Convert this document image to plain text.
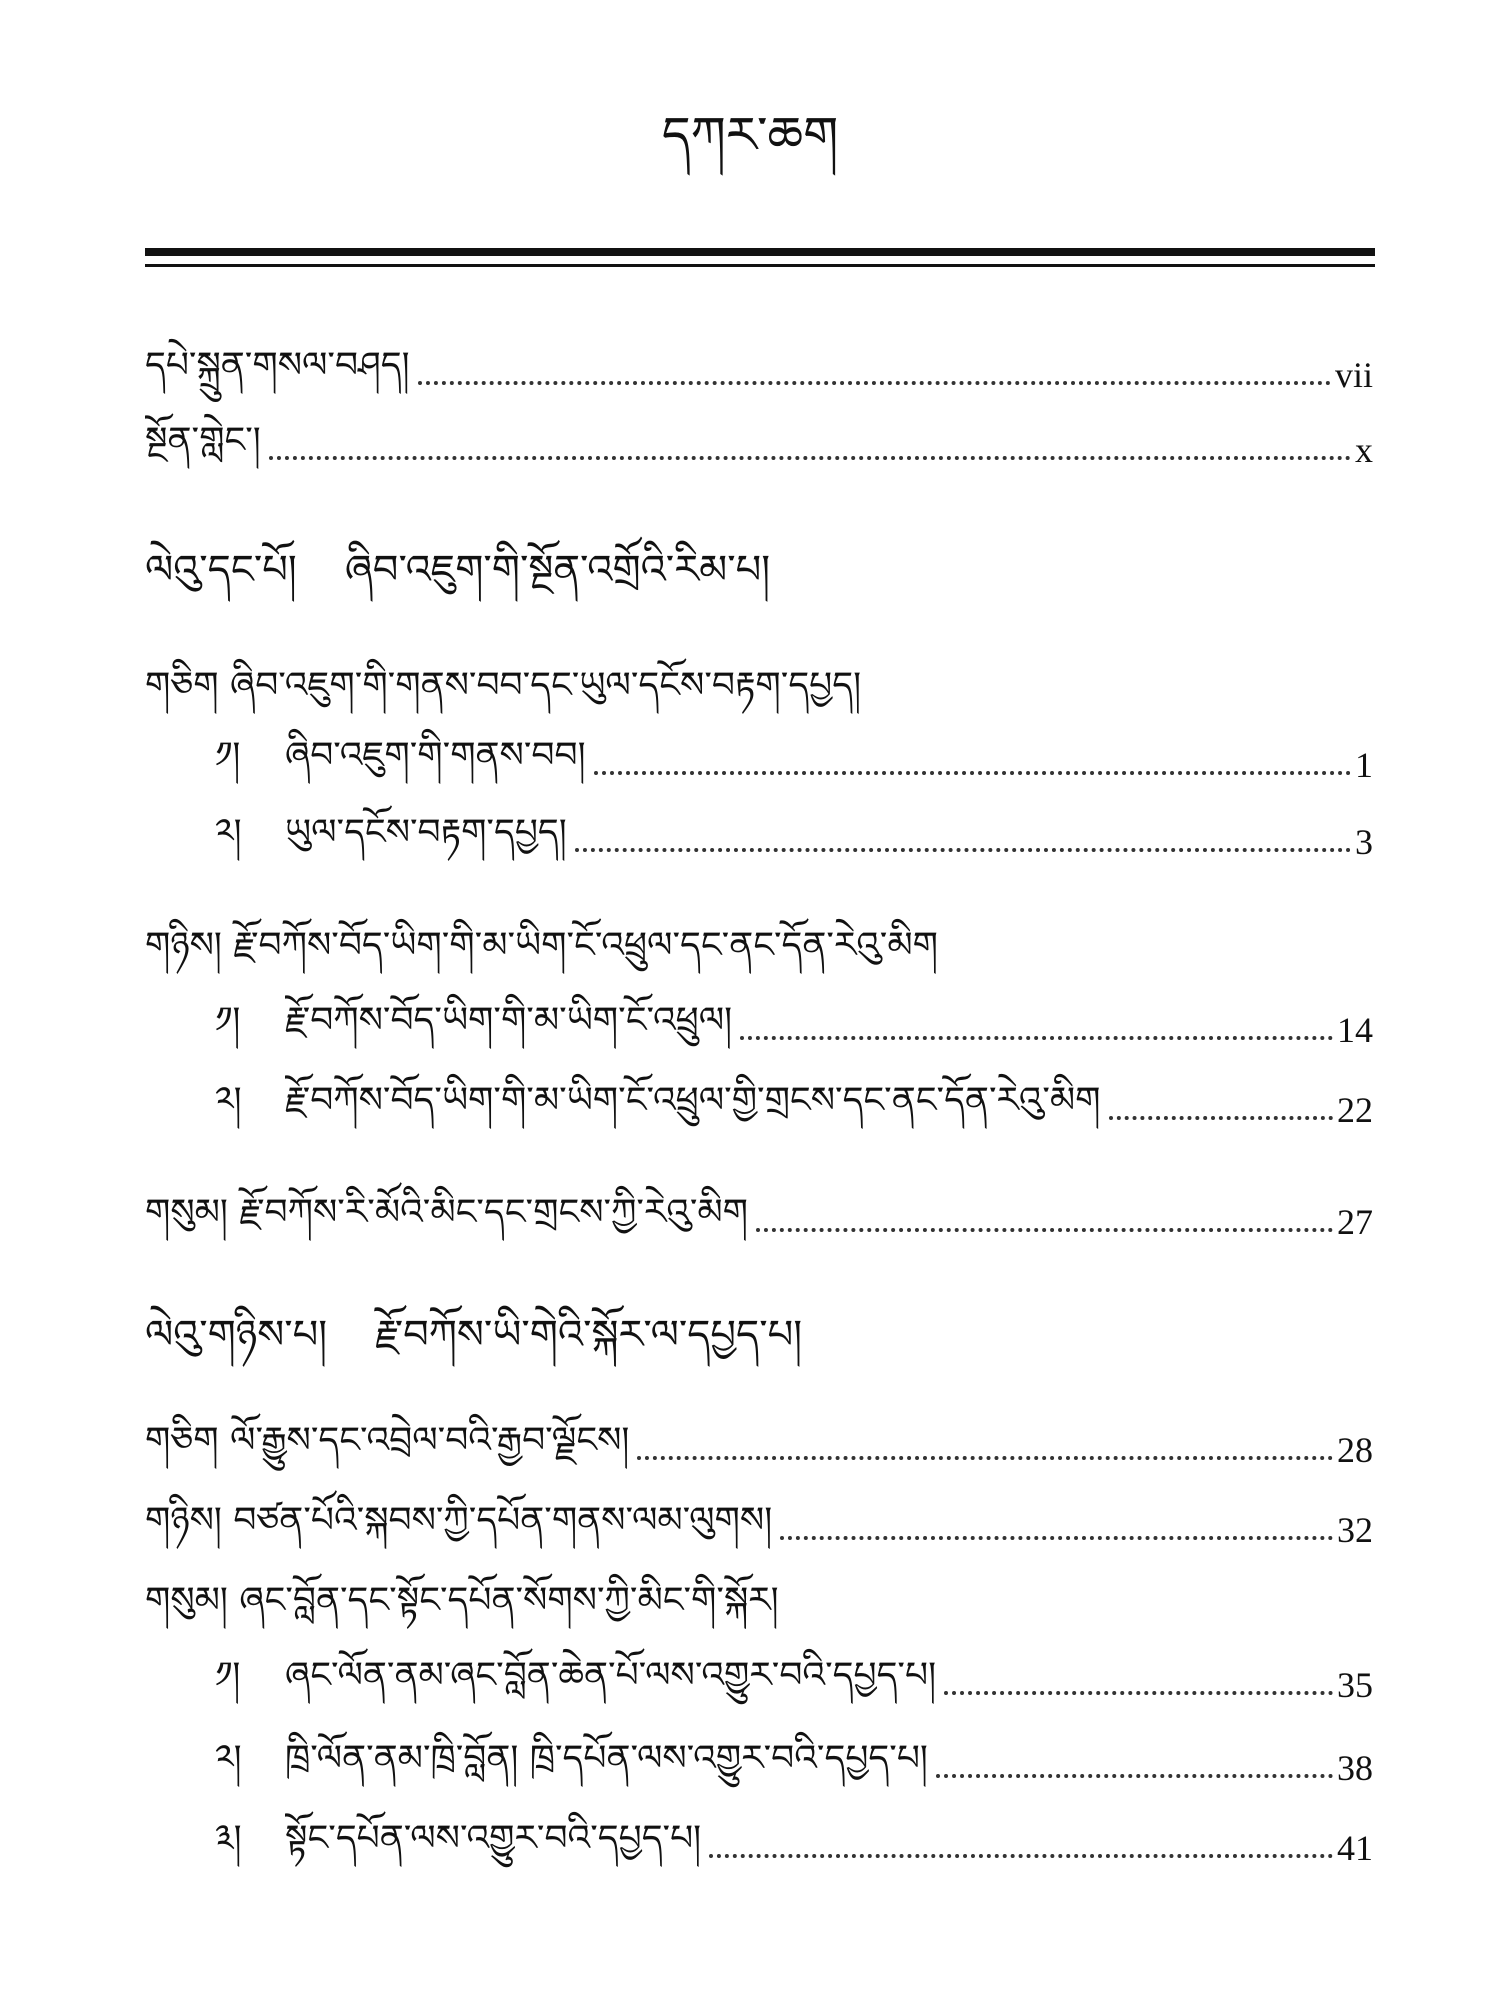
དཀར་ཆག
དཔེ་སྐྲུན་གསལ་བཤད།	vii
སྔོན་གླེང་།	x
ལེའུ་དང་པོ། ཞིབ་འཇུག་གི་སྔོན་འགྲོའི་རིམ་པ།
གཅིག ཞིབ་འཇུག་གི་གནས་བབ་དང་ཡུལ་དངོས་བརྟག་དཔྱད།
༡།	ཞིབ་འཇུག་གི་གནས་བབ།	1
༢།	ཡུལ་དངོས་བརྟག་དཔྱད།	3
གཉིས། རྗོ་བཀོས་བོད་ཡིག་གི་མ་ཡིག་ངོ་འཕྲུལ་དང་ནང་དོན་རེའུ་མིག
༡།	རྗོ་བཀོས་བོད་ཡིག་གི་མ་ཡིག་ངོ་འཕྲུལ།	14
༢།	རྗོ་བཀོས་བོད་ཡིག་གི་མ་ཡིག་ངོ་འཕྲུལ་གྱི་གྲངས་དང་ནང་དོན་རེའུ་མིག	22
གསུམ། རྗོ་བཀོས་རི་མོའི་མིང་དང་གྲངས་ཀྱི་རེའུ་མིག	27
ལེའུ་གཉིས་པ། རྗོ་བཀོས་ཡི་གེའི་སྐོར་ལ་དཔྱད་པ།
གཅིག ལོ་རྒྱུས་དང་འབྲེལ་བའི་རྒྱབ་ལྗོངས།	28
གཉིས། བཙན་པོའི་སྐབས་ཀྱི་དཔོན་གནས་ལམ་ལུགས།	32
གསུམ། ཞང་བློན་དང་སྟོང་དཔོན་སོགས་ཀྱི་མིང་གི་སྐོར།
༡།	ཞང་ལོན་ནམ་ཞང་བློན་ཆེན་པོ་ལས་འགྱུར་བའི་དཔྱད་པ།	35
༢།	ཁྲི་ལོན་ནམ་ཁྲི་བློན། ཁྲི་དཔོན་ལས་འགྱུར་བའི་དཔྱད་པ།	38
༣།	སྟོང་དཔོན་ལས་འགྱུར་བའི་དཔྱད་པ།	41
